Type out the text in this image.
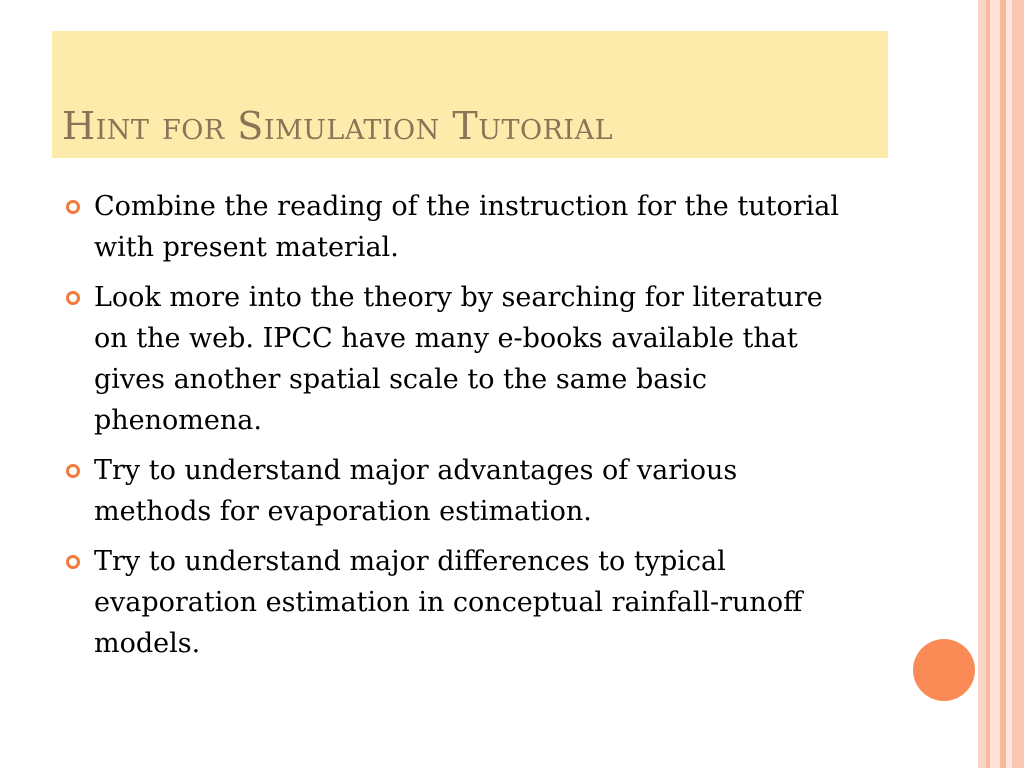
Hint for Simulation Tutorial
Combine the reading of the instruction for the tutorial with present material.
Look more into the theory by searching for literature on the web. IPCC have many e-books available that gives another spatial scale to the same basic phenomena.
Try to understand major advantages of various methods for evaporation estimation.
Try to understand major differences to typical evaporation estimation in conceptual rainfall-runoff models.
